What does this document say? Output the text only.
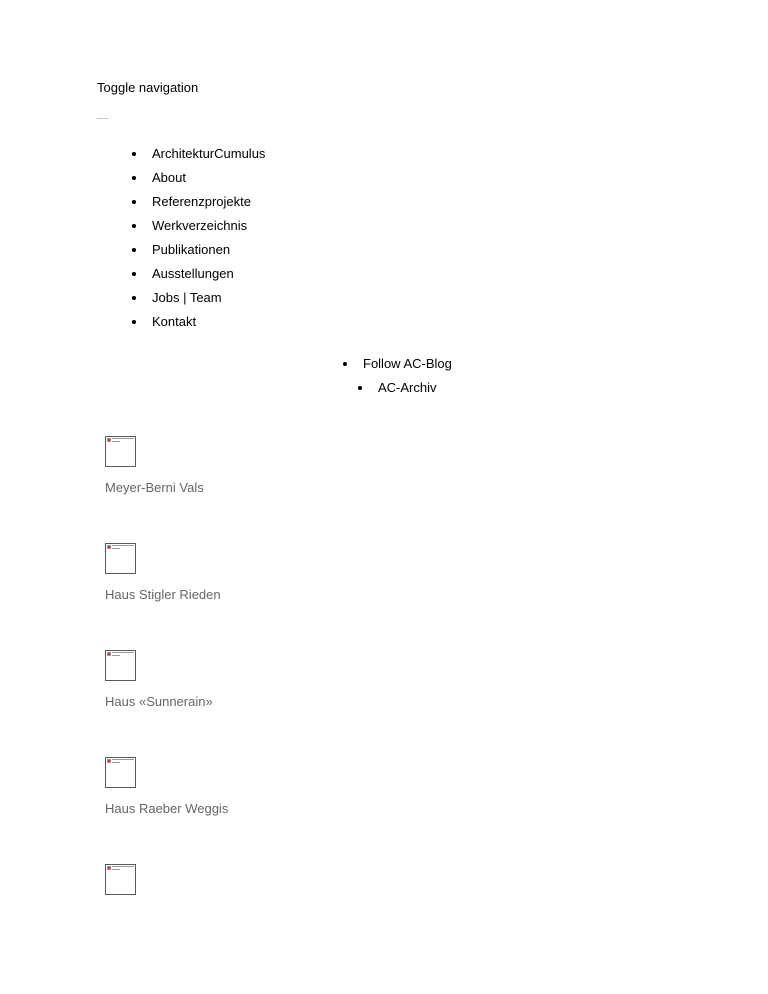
Toggle navigation
ArchitekturCumulus
About
Referenzprojekte
Werkverzeichnis
Publikationen
Ausstellungen
Jobs | Team
Kontakt
Follow AC-Blog
AC-Archiv
Meyer-Berni Vals
Haus Stigler Rieden
Haus «Sunnerain»
Haus Raeber Weggis
